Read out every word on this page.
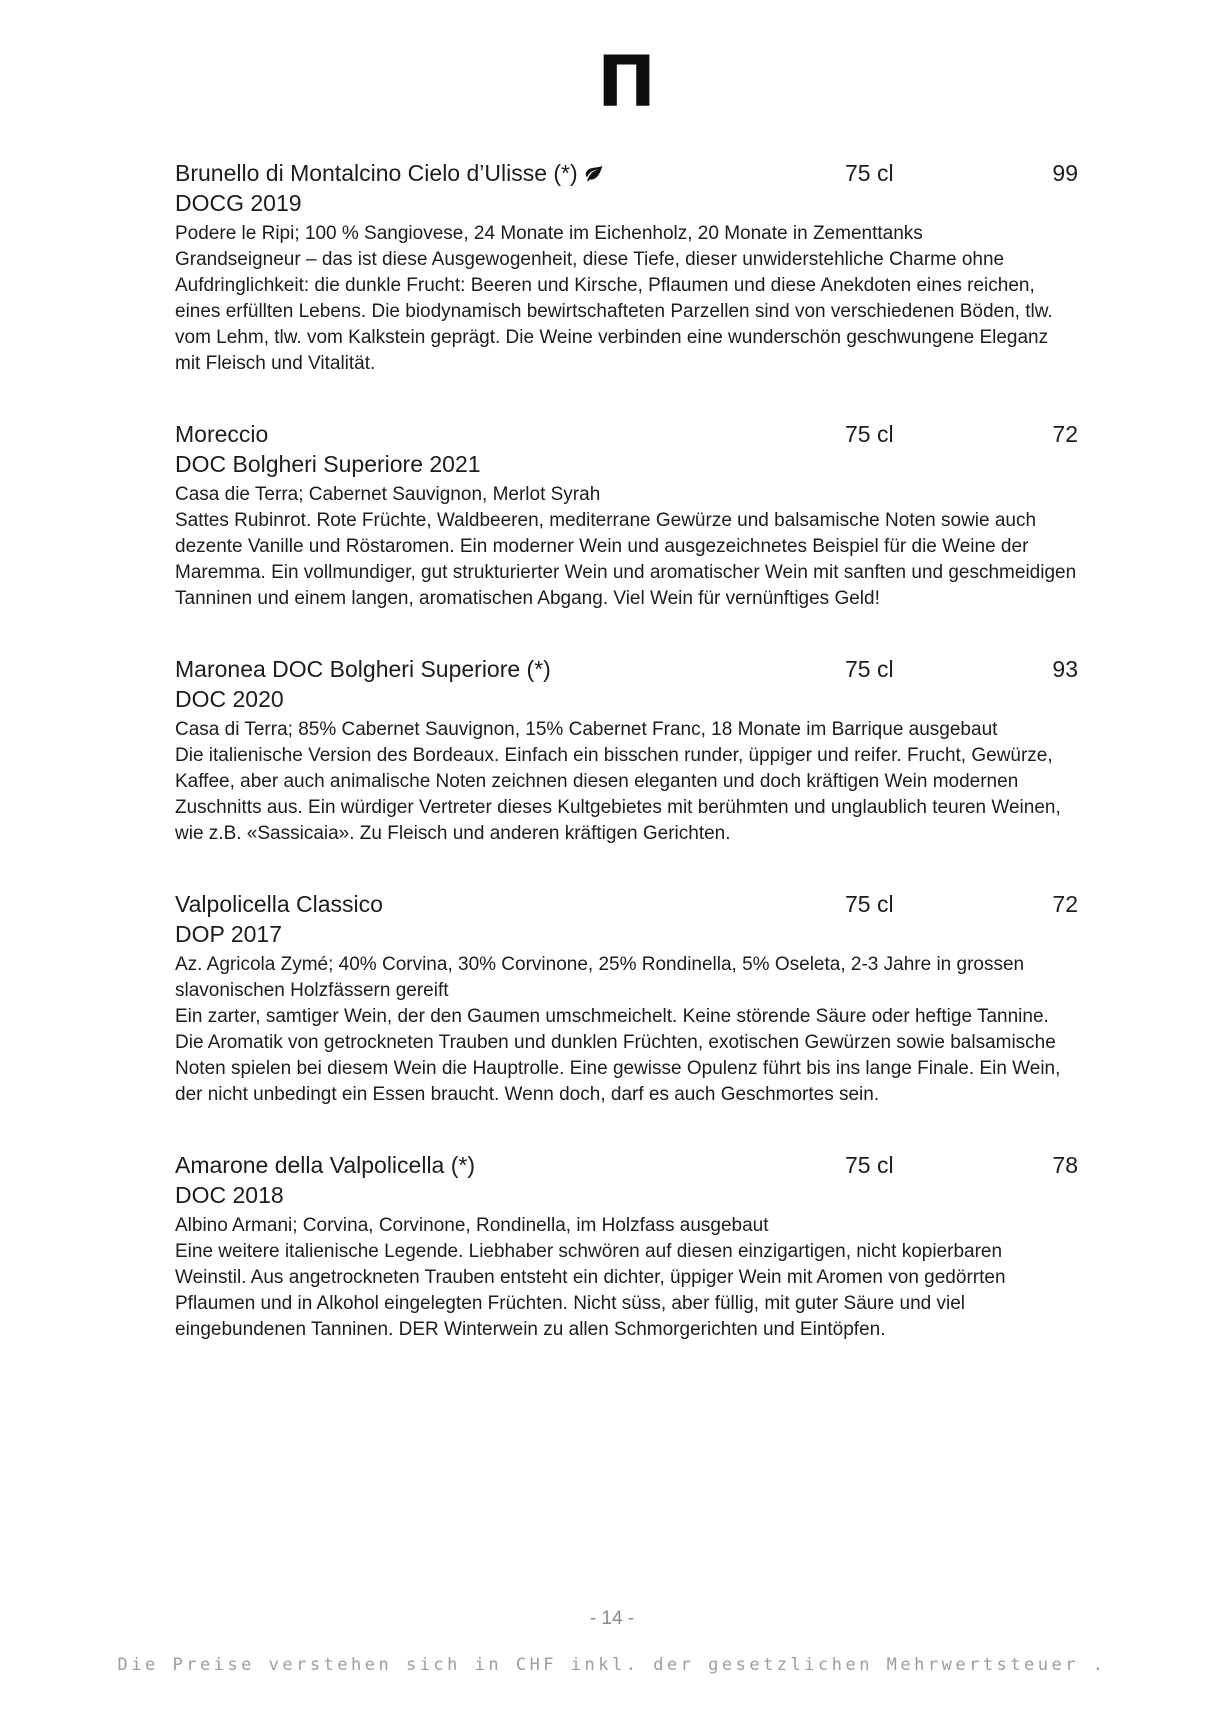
Π
Brunello di Montalcino Cielo d’Ulisse (*)	75 cl	99
DOCG 2019

Podere le Ripi; 100 % Sangiovese, 24 Monate im Eichenholz, 20 Monate in Zementtanks

Grandseigneur – das ist diese Ausgewogenheit, diese Tiefe, dieser unwiderstehliche Charme ohne Aufdringlichkeit: die dunkle Frucht: Beeren und Kirsche, Pflaumen und diese Anekdoten eines reichen, eines erfüllten Lebens. Die biodynamisch bewirtschafteten Parzellen sind von verschiedenen Böden, tlw. vom Lehm, tlw. vom Kalkstein geprägt. Die Weine verbinden eine wunderschön geschwungene Eleganz mit Fleisch und Vitalität.

Moreccio	75 cl	72
DOC Bolgheri Superiore 2021

Casa die Terra; Cabernet Sauvignon, Merlot Syrah

Sattes Rubinrot. Rote Früchte, Waldbeeren, mediterrane Gewürze und balsamische Noten sowie auch dezente Vanille und Röstaromen. Ein moderner Wein und ausgezeichnetes Beispiel für die Weine der Maremma. Ein vollmundiger, gut strukturierter Wein und aromatischer Wein mit sanften und geschmeidigen Tanninen und einem langen, aromatischen Abgang. Viel Wein für vernünftiges Geld!

Maronea DOC Bolgheri Superiore (*)	75 cl	93
DOC 2020

Casa di Terra; 85% Cabernet Sauvignon, 15% Cabernet Franc, 18 Monate im Barrique ausgebaut

Die italienische Version des Bordeaux. Einfach ein bisschen runder, üppiger und reifer. Frucht, Gewürze, Kaffee, aber auch animalische Noten zeichnen diesen eleganten und doch kräftigen Wein modernen Zuschnitts aus. Ein würdiger Vertreter dieses Kultgebietes mit berühmten und unglaublich teuren Weinen, wie z.B. «Sassicaia». Zu Fleisch und anderen kräftigen Gerichten.

Valpolicella Classico	75 cl	72
DOP 2017

Az. Agricola Zymé; 40% Corvina, 30% Corvinone, 25% Rondinella, 5% Oseleta, 2-3 Jahre in grossen slavonischen Holzfässern gereift

Ein zarter, samtiger Wein, der den Gaumen umschmeichelt. Keine störende Säure oder heftige Tannine. Die Aromatik von getrockneten Trauben und dunklen Früchten, exotischen Gewürzen sowie balsamische Noten spielen bei diesem Wein die Hauptrolle. Eine gewisse Opulenz führt bis ins lange Finale. Ein Wein, der nicht unbedingt ein Essen braucht. Wenn doch, darf es auch Geschmortes sein.

Amarone della Valpolicella (*)	75 cl	78
DOC 2018

Albino Armani; Corvina, Corvinone, Rondinella, im Holzfass ausgebaut

Eine weitere italienische Legende. Liebhaber schwören auf diesen einzigartigen, nicht kopierbaren Weinstil. Aus angetrockneten Trauben entsteht ein dichter, üppiger Wein mit Aromen von gedörrten Pflaumen und in Alkohol eingelegten Früchten. Nicht süss, aber füllig, mit guter Säure und viel eingebundenen Tanninen. DER Winterwein zu allen Schmorgerichten und Eintöpfen.

- 14 -
Die Preise verstehen sich in CHF inkl. der gesetzlichen Mehrwertsteuer .
